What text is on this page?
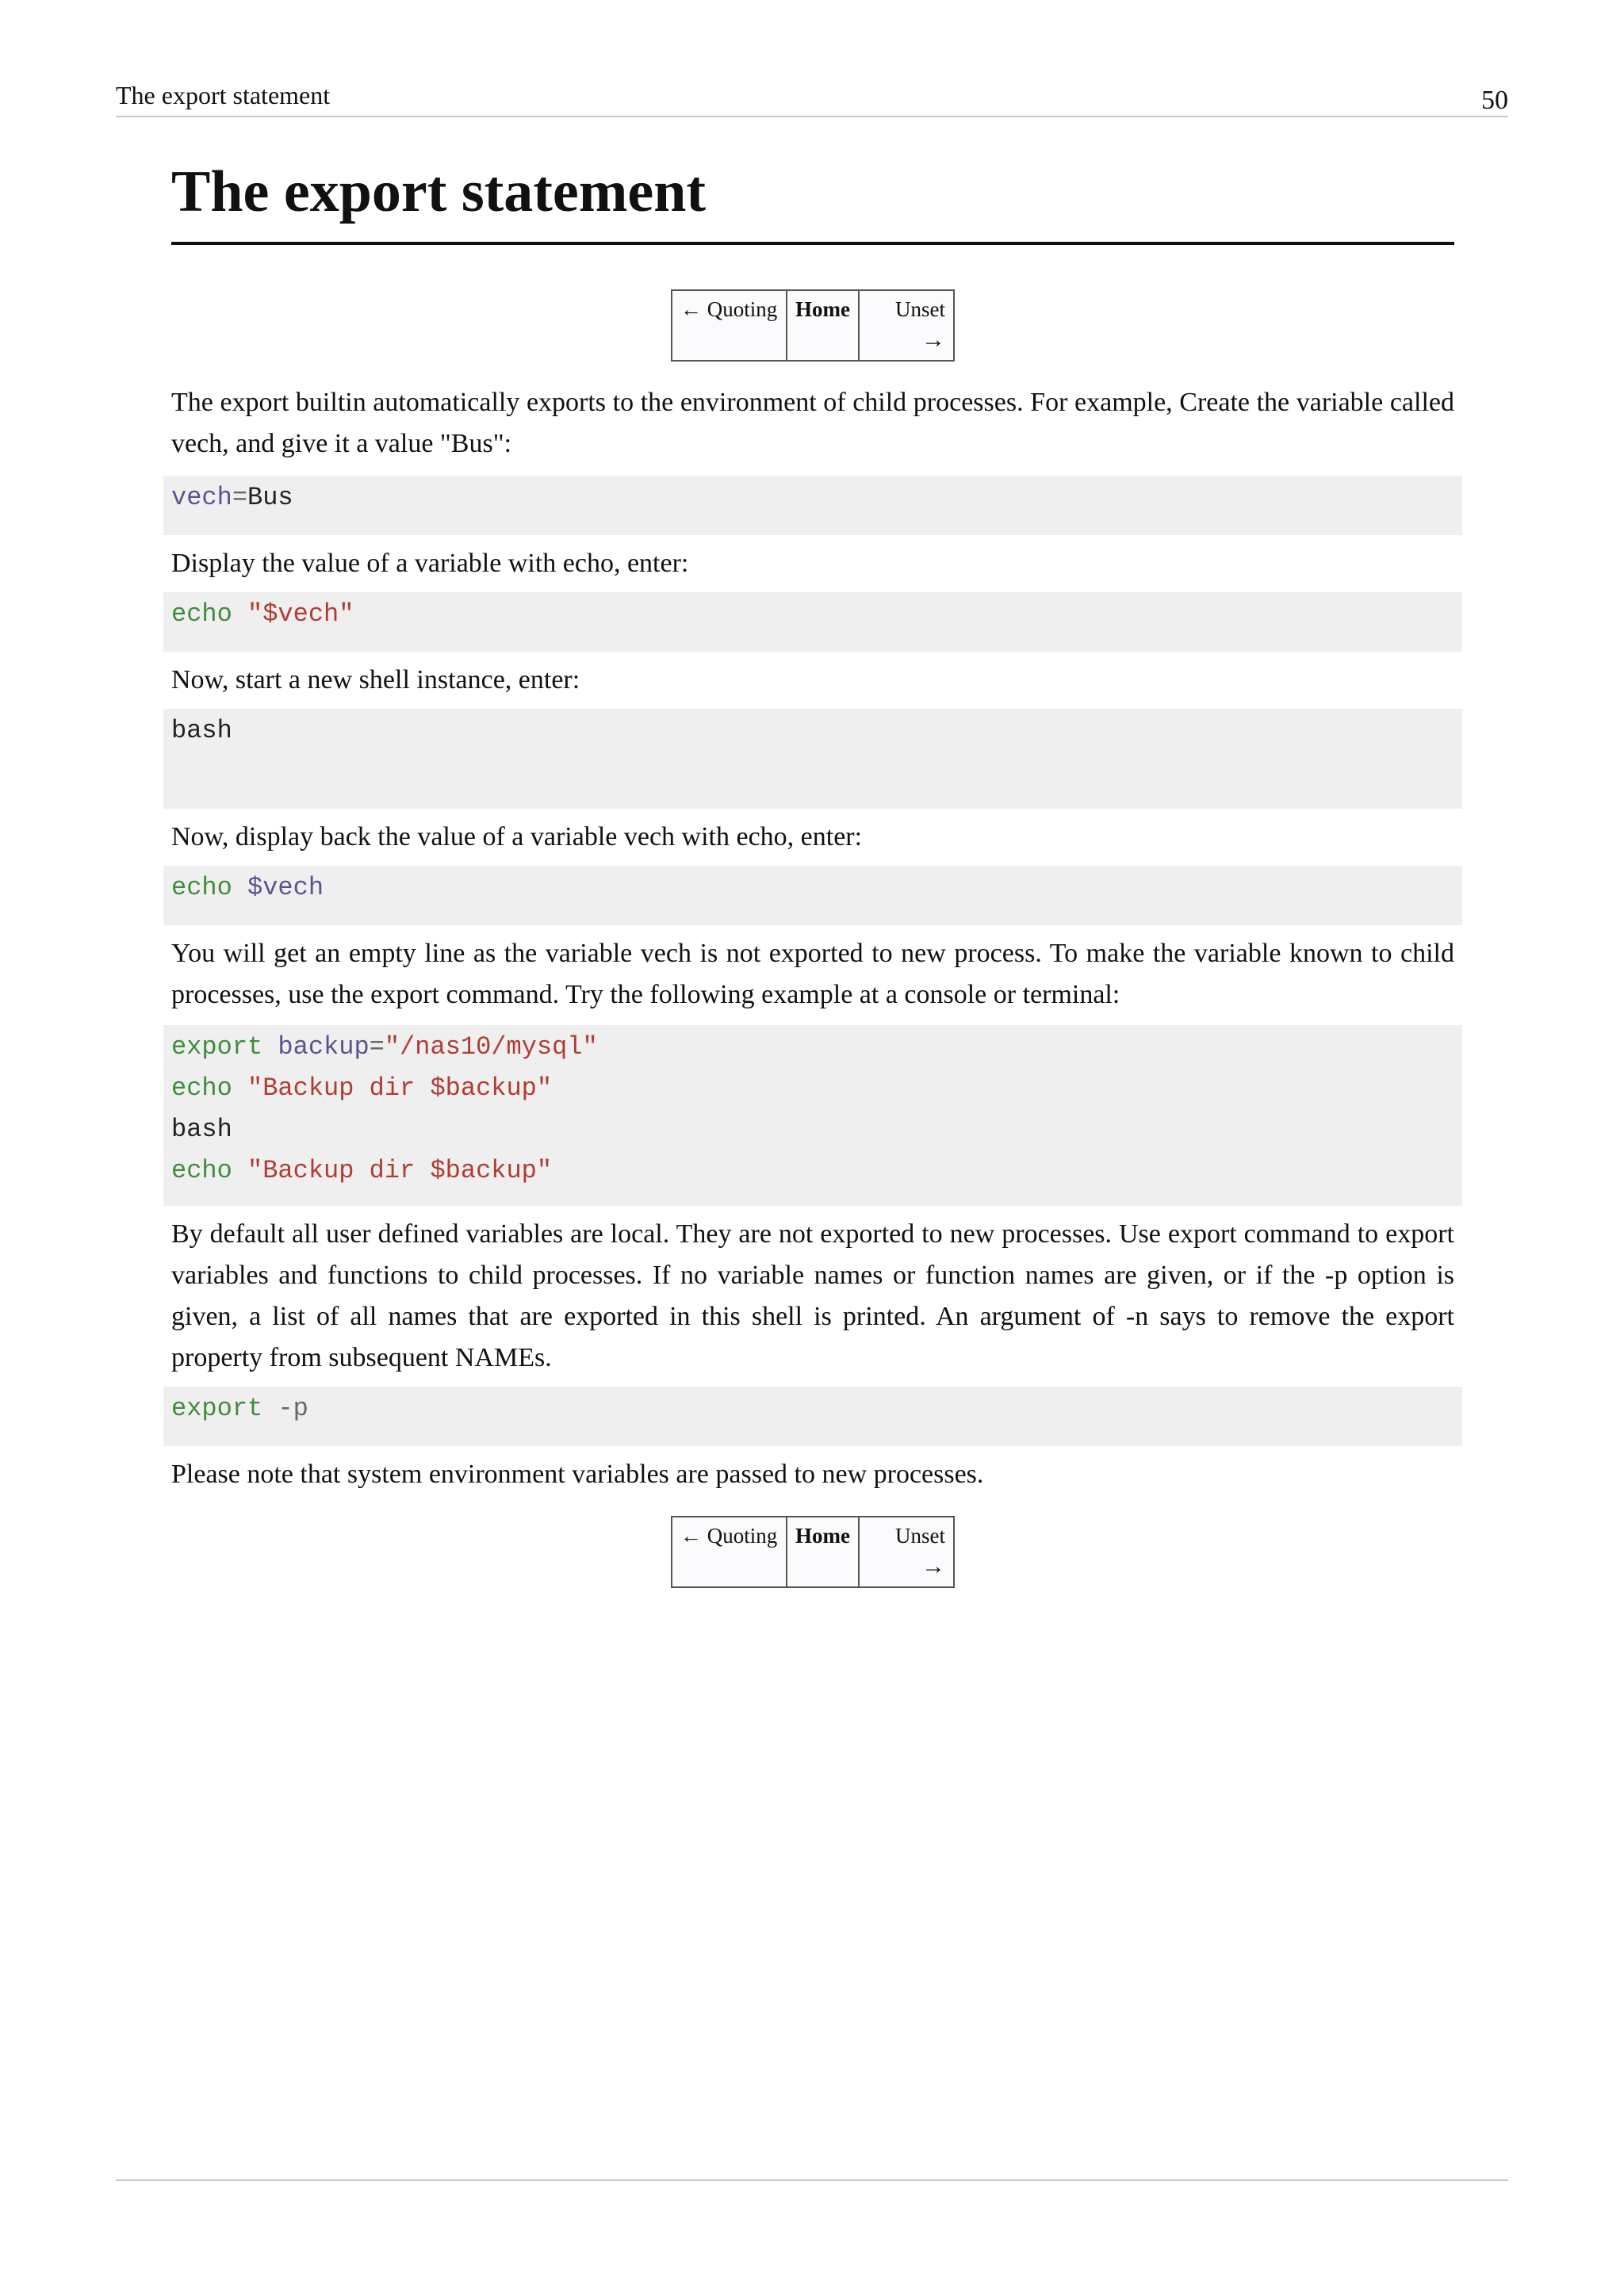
The export statement	50
The export statement
← Quoting	Home	Unset
→

The export builtin automatically exports to the environment of child processes. For example, Create the variable called vech, and give it a value "Bus":

vech=Bus

Display the value of a variable with echo, enter:

echo "$vech"

Now, start a new shell instance, enter:

bash

Now, display back the value of a variable vech with echo, enter:

echo $vech

You will get an empty line as the variable vech is not exported to new process. To make the variable known to child processes, use the export command. Try the following example at a console or terminal:

export backup="/nas10/mysql"
echo "Backup dir $backup"
bash
echo "Backup dir $backup"

By default all user defined variables are local. They are not exported to new processes. Use export command to export variables and functions to child processes. If no variable names or function names are given, or if the -p option is given, a list of all names that are exported in this shell is printed. An argument of -n says to remove the export property from subsequent NAMEs.

export -p

Please note that system environment variables are passed to new processes.

← Quoting	Home	Unset
→
